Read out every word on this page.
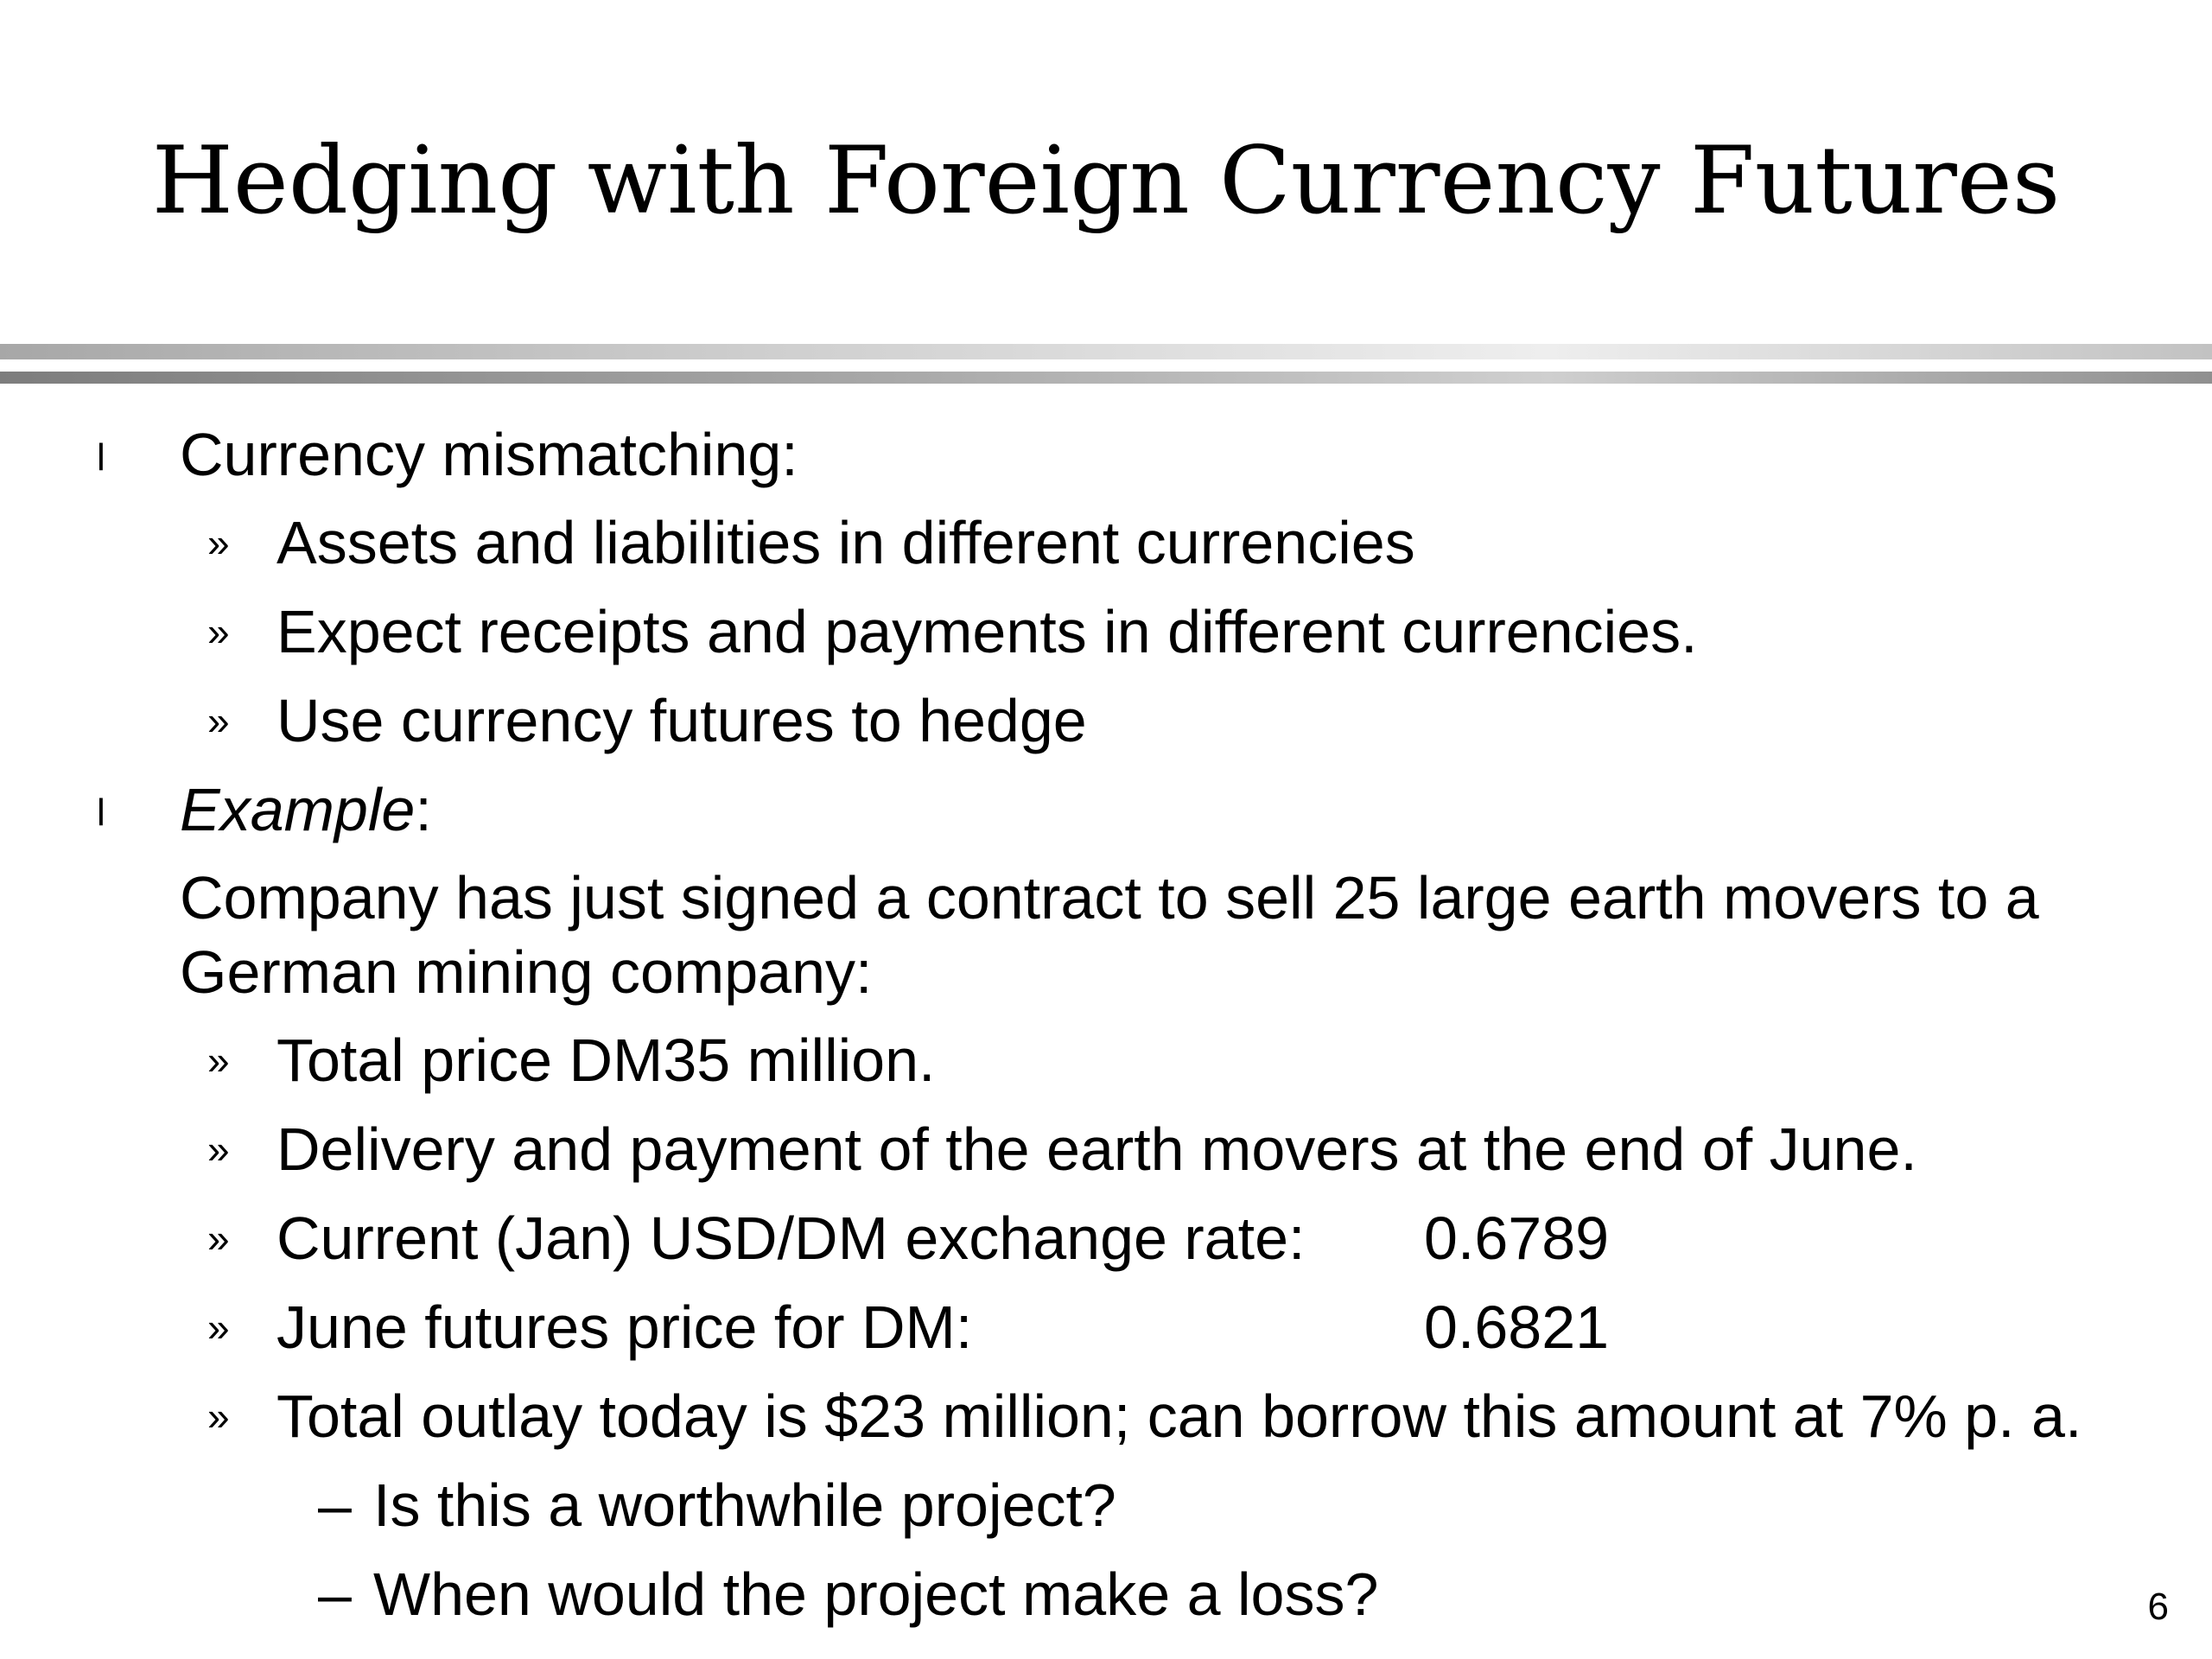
Hedging with Foreign Currency Futures
l Currency mismatching:
» Assets and liabilities in different currencies
» Expect receipts and payments in different currencies.
» Use currency futures to hedge
l Example:
Company has just signed a contract to sell 25 large earth movers to a
German mining company:
» Total price DM35 million.
» Delivery and payment of the earth movers at the end of June.
» Current (Jan) USD/DM exchange rate: 0.6789
» June futures price for DM:	0.6821
» Total outlay today is $23 million; can borrow this amount at 7% p. a.
– Is this a worthwhile project?
– When would the project make a loss?	6
